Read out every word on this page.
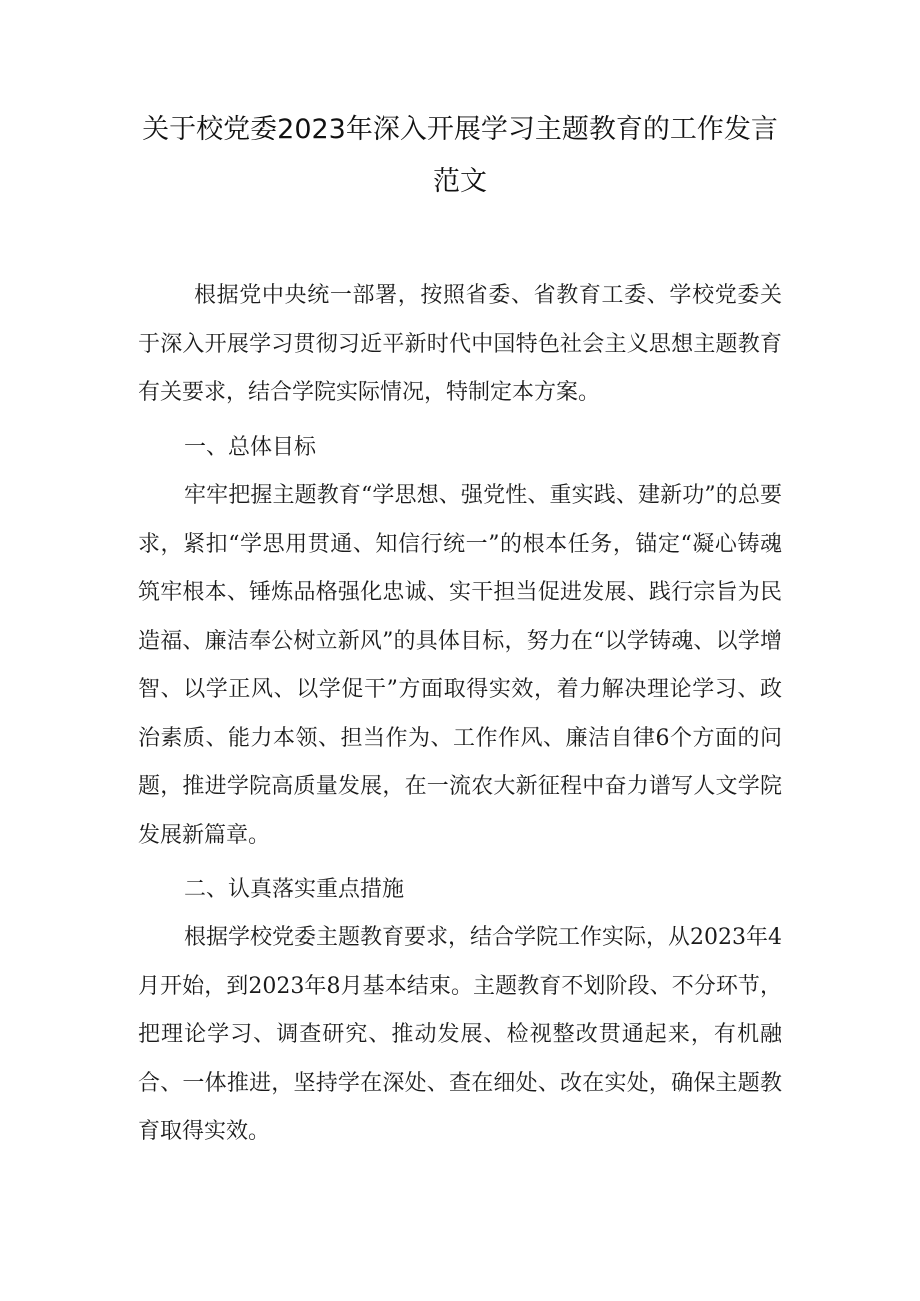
关于校党委2023年深入开展学习主题教育的工作发言范文

根据党中央统一部署，按照省委、省教育工委、学校党委关于深入开展学习贯彻习近平新时代中国特色社会主义思想主题教育有关要求，结合学院实际情况，特制定本方案。

一、总体目标

牢牢把握主题教育“学思想、强党性、重实践、建新功”的总要求，紧扣“学思用贯通、知信行统一”的根本任务，锚定“凝心铸魂筑牢根本、锤炼品格强化忠诚、实干担当促进发展、践行宗旨为民造福、廉洁奉公树立新风”的具体目标，努力在“以学铸魂、以学增智、以学正风、以学促干”方面取得实效，着力解决理论学习、政治素质、能力本领、担当作为、工作作风、廉洁自律6个方面的问题，推进学院高质量发展，在一流农大新征程中奋力谱写人文学院发展新篇章。

二、认真落实重点措施

根据学校党委主题教育要求，结合学院工作实际，从2023年4月开始，到2023年8月基本结束。主题教育不划阶段、不分环节，把理论学习、调查研究、推动发展、检视整改贯通起来，有机融合、一体推进，坚持学在深处、查在细处、改在实处，确保主题教育取得实效。
